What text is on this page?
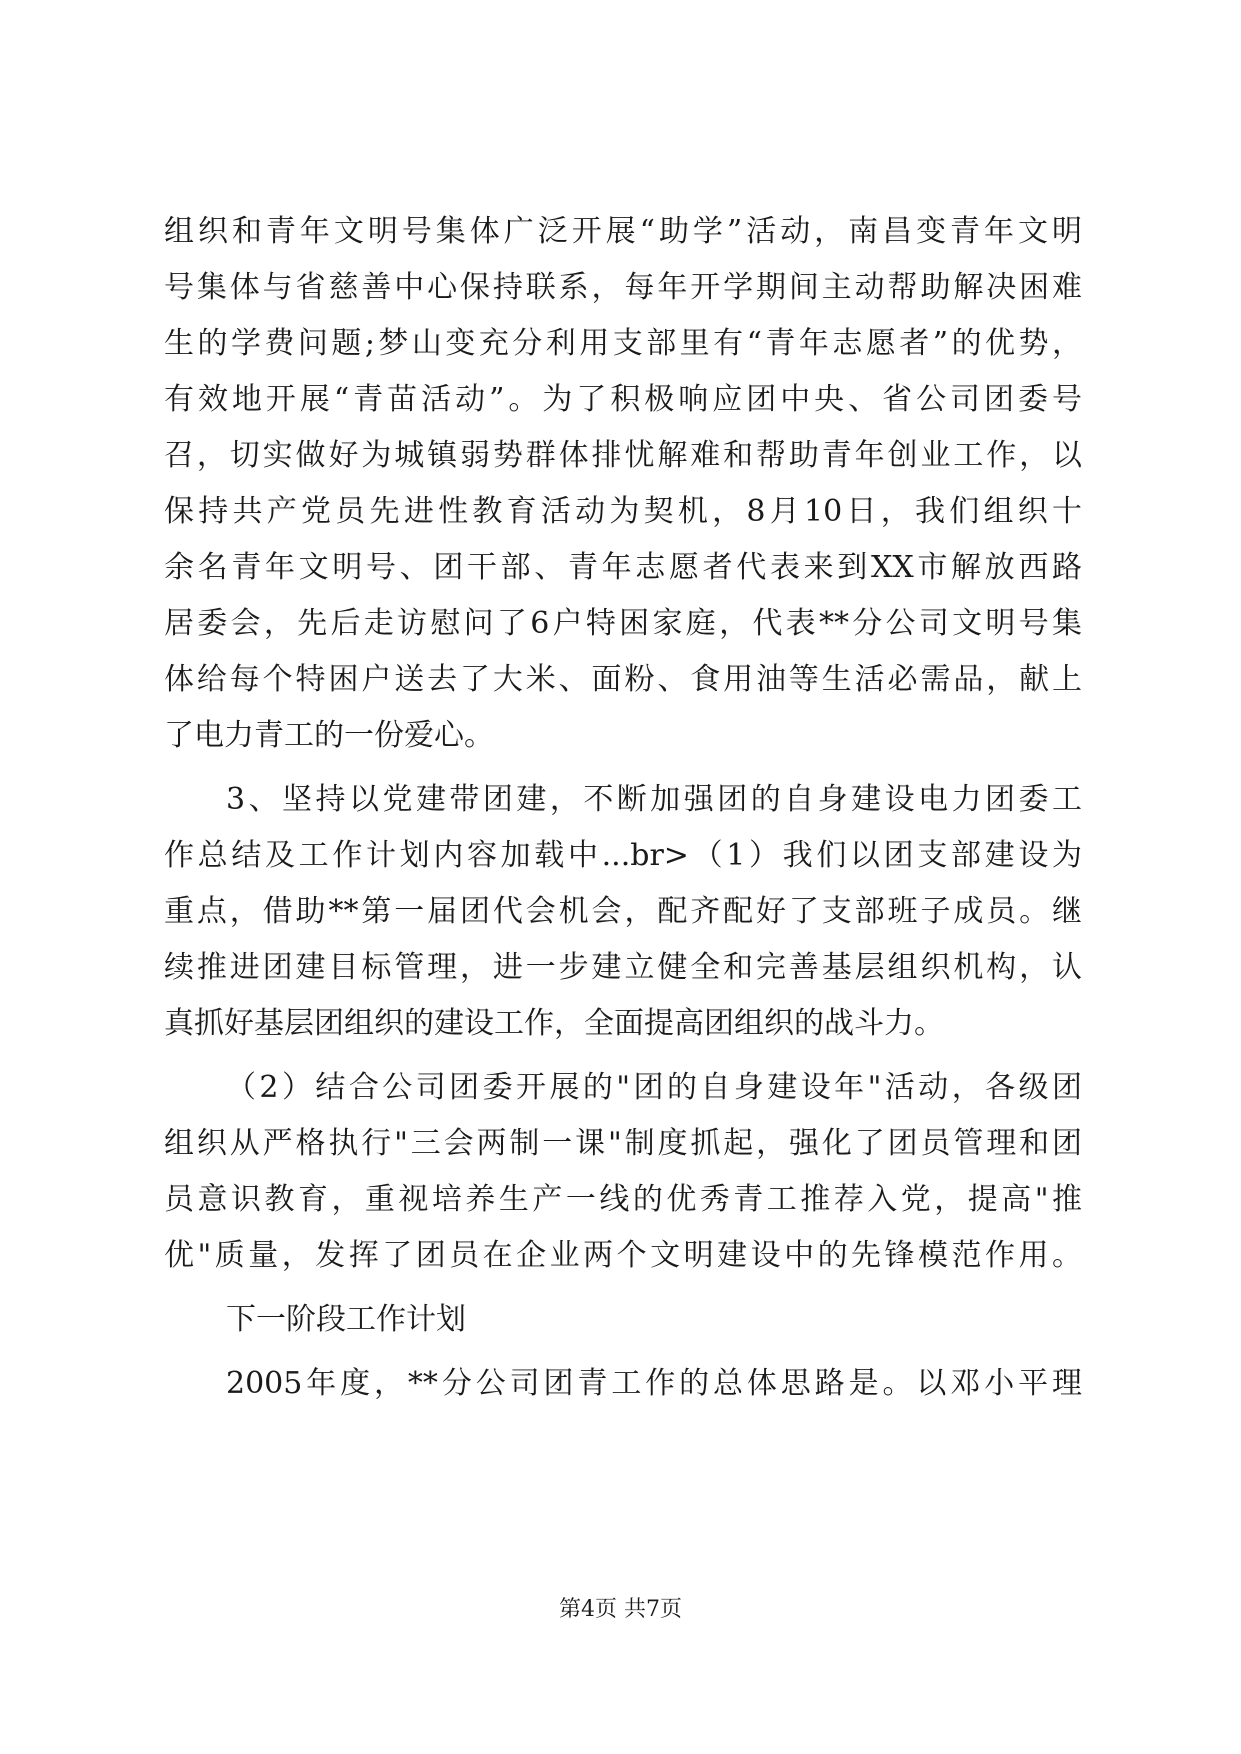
组织和青年文明号集体广泛开展“助学”活动，南昌变青年文明
号集体与省慈善中心保持联系，每年开学期间主动帮助解决困难
生的学费问题;梦山变充分利用支部里有“青年志愿者”的优势，
有效地开展“青苗活动”。为了积极响应团中央、省公司团委号
召，切实做好为城镇弱势群体排忧解难和帮助青年创业工作，以
保持共产党员先进性教育活动为契机，8月10日，我们组织十
余名青年文明号、团干部、青年志愿者代表来到XX市解放西路
居委会，先后走访慰问了6户特困家庭，代表**分公司文明号集
体给每个特困户送去了大米、面粉、食用油等生活必需品，献上
了电力青工的一份爱心。
3、坚持以党建带团建，不断加强团的自身建设电力团委工
作总结及工作计划内容加载中...br>（1）我们以团支部建设为
重点，借助**第一届团代会机会，配齐配好了支部班子成员。继
续推进团建目标管理，进一步建立健全和完善基层组织机构，认
真抓好基层团组织的建设工作，全面提高团组织的战斗力。
（2）结合公司团委开展的"团的自身建设年"活动，各级团
组织从严格执行"三会两制一课"制度抓起，强化了团员管理和团
员意识教育，重视培养生产一线的优秀青工推荐入党，提高"推
优"质量，发挥了团员在企业两个文明建设中的先锋模范作用。
下一阶段工作计划
2005年度，**分公司团青工作的总体思路是。以邓小平理
第4页 共7页
